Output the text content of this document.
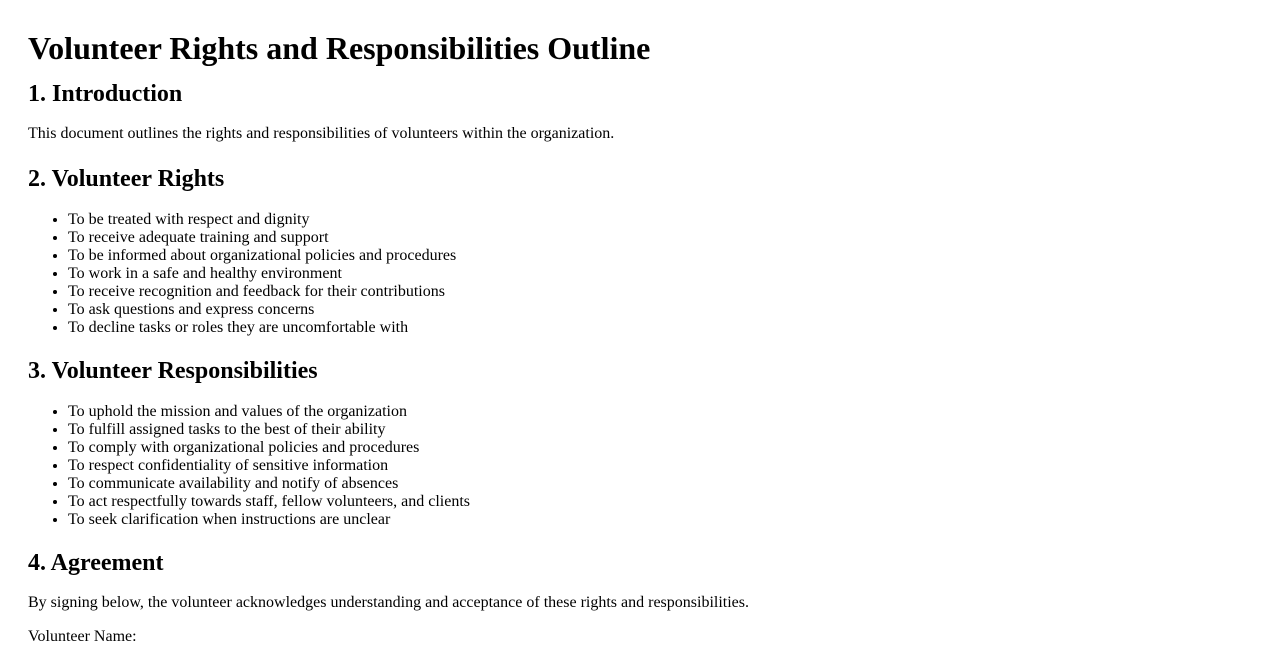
Volunteer Rights and Responsibilities Outline
1. Introduction

This document outlines the rights and responsibilities of volunteers within the organization.

2. Volunteer Rights
• To be treated with respect and dignity
• To receive adequate training and support
• To be informed about organizational policies and procedures
• To work in a safe and healthy environment
• To receive recognition and feedback for their contributions
• To ask questions and express concerns
• To decline tasks or roles they are uncomfortable with
3. Volunteer Responsibilities
• To uphold the mission and values of the organization
• To fulfill assigned tasks to the best of their ability
• To comply with organizational policies and procedures
• To respect confidentiality of sensitive information
• To communicate availability and notify of absences
• To act respectfully towards staff, fellow volunteers, and clients
• To seek clarification when instructions are unclear
4. Agreement

By signing below, the volunteer acknowledges understanding and acceptance of these rights and responsibilities.

Volunteer Name:
